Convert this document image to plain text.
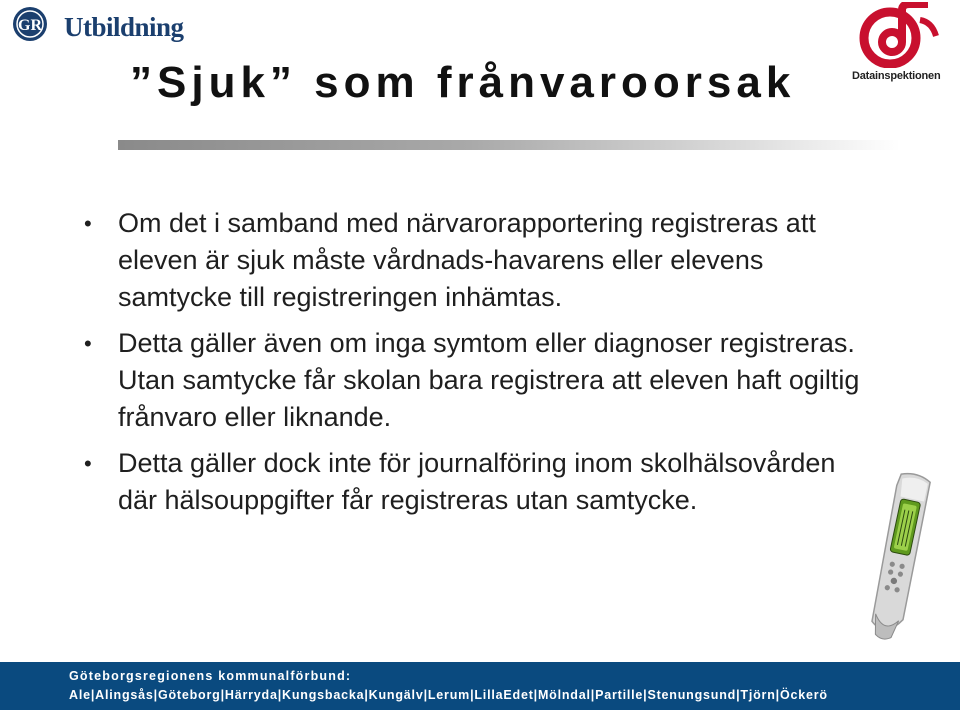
GR Utbildning
Datainspektionen
”Sjuk” som frånvaroorsak
• Om det i samband med närvarorapportering registreras att eleven är sjuk måste vårdnads-havarens eller elevens samtycke till registreringen inhämtas.
• Detta gäller även om inga symtom eller diagnoser registreras. Utan samtycke får skolan bara registrera att eleven haft ogiltig frånvaro eller liknande.
• Detta gäller dock inte för journalföring inom skolhälsovården där hälsouppgifter får registreras utan samtycke.
Göteborgsregionens kommunalförbund:
Ale|Alingsås|Göteborg|Härryda|Kungsbacka|Kungälv|Lerum|LillaEdet|Mölndal|Partille|Stenungsund|Tjörn|Öckerö
